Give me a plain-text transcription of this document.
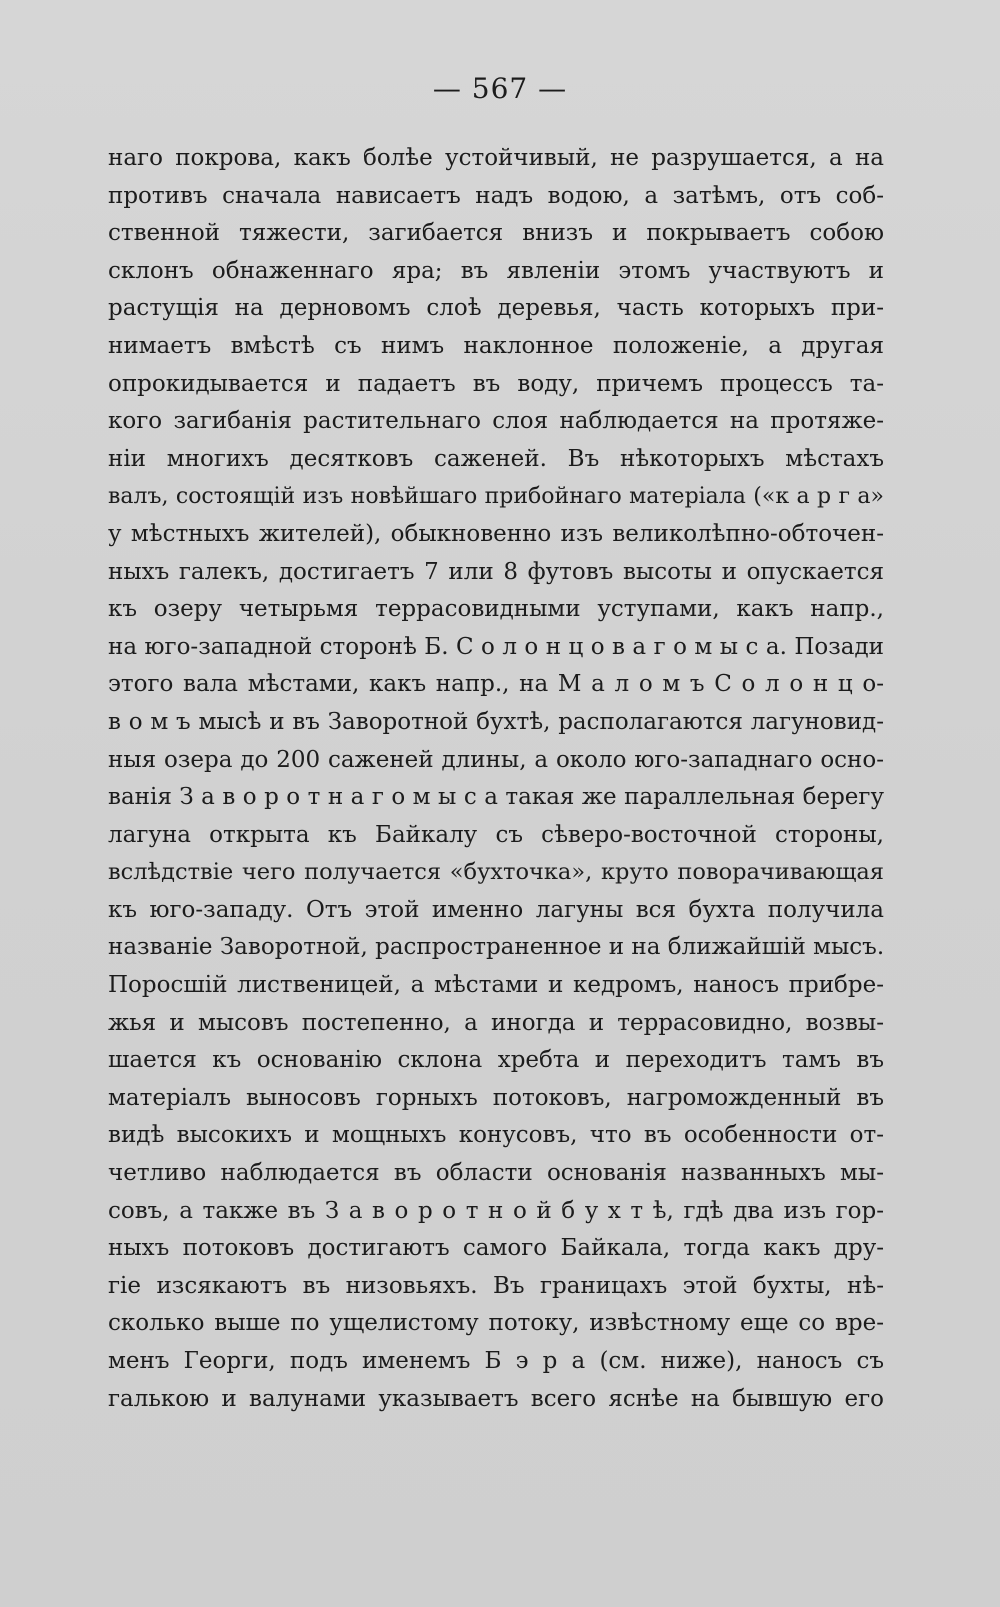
— 567 —
наго покрова, какъ болѣе устойчивый, не разрушается, а на
противъ сначала нависаетъ надъ водою, а затѣмъ, отъ соб-
ственной тяжести, загибается внизъ и покрываетъ собою
склонъ обнаженнаго яра; въ явленіи этомъ участвуютъ и
растущія на дерновомъ слоѣ деревья, часть которыхъ при-
нимаетъ вмѣстѣ съ нимъ наклонное положеніе, а другая
опрокидывается и падаетъ въ воду, причемъ процессъ та-
кого загибанія растительнаго слоя наблюдается на протяже-
ніи многихъ десятковъ саженей. Въ нѣкоторыхъ мѣстахъ
валъ, состоящій изъ новѣйшаго прибойнаго матеріала («к а р г а»
у мѣстныхъ жителей), обыкновенно изъ великолѣпно-обточен-
ныхъ галекъ, достигаетъ 7 или 8 футовъ высоты и опускается
къ озеру четырьмя террасовидными уступами, какъ напр.,
на юго-западной сторонѣ Б. С о л о н ц о в а г о м ы с а. Позади
этого вала мѣстами, какъ напр., на М а л о м ъ С о л о н ц о-
в о м ъ мысѣ и въ Заворотной бухтѣ, располагаются лагуновид-
ныя озера до 200 саженей длины, а около юго-западнаго осно-
ванія З а в о р о т н а г о м ы с а такая же параллельная берегу
лагуна открыта къ Байкалу съ сѣверо-восточной стороны,
вслѣдствіе чего получается «бухточка», круто поворачивающая
къ юго-западу. Отъ этой именно лагуны вся бухта получила
названіе Заворотной, распространенное и на ближайшій мысъ.
Поросшій лиственицей, а мѣстами и кедромъ, наносъ прибре-
жья и мысовъ постепенно, а иногда и террасовидно, возвы-
шается къ основанію склона хребта и переходитъ тамъ въ
матеріалъ выносовъ горныхъ потоковъ, нагроможденный въ
видѣ высокихъ и мощныхъ конусовъ, что въ особенности от-
четливо наблюдается въ области основанія названныхъ мы-
совъ, а также въ З а в о р о т н о й б у х т ѣ, гдѣ два изъ гор-
ныхъ потоковъ достигаютъ самого Байкала, тогда какъ дру-
гіе изсякаютъ въ низовьяхъ. Въ границахъ этой бухты, нѣ-
сколько выше по ущелистому потоку, извѣстному еще со вре-
менъ Георги, подъ именемъ Б э р а (см. ниже), наносъ съ
галькою и валунами указываетъ всего яснѣе на бывшую его
